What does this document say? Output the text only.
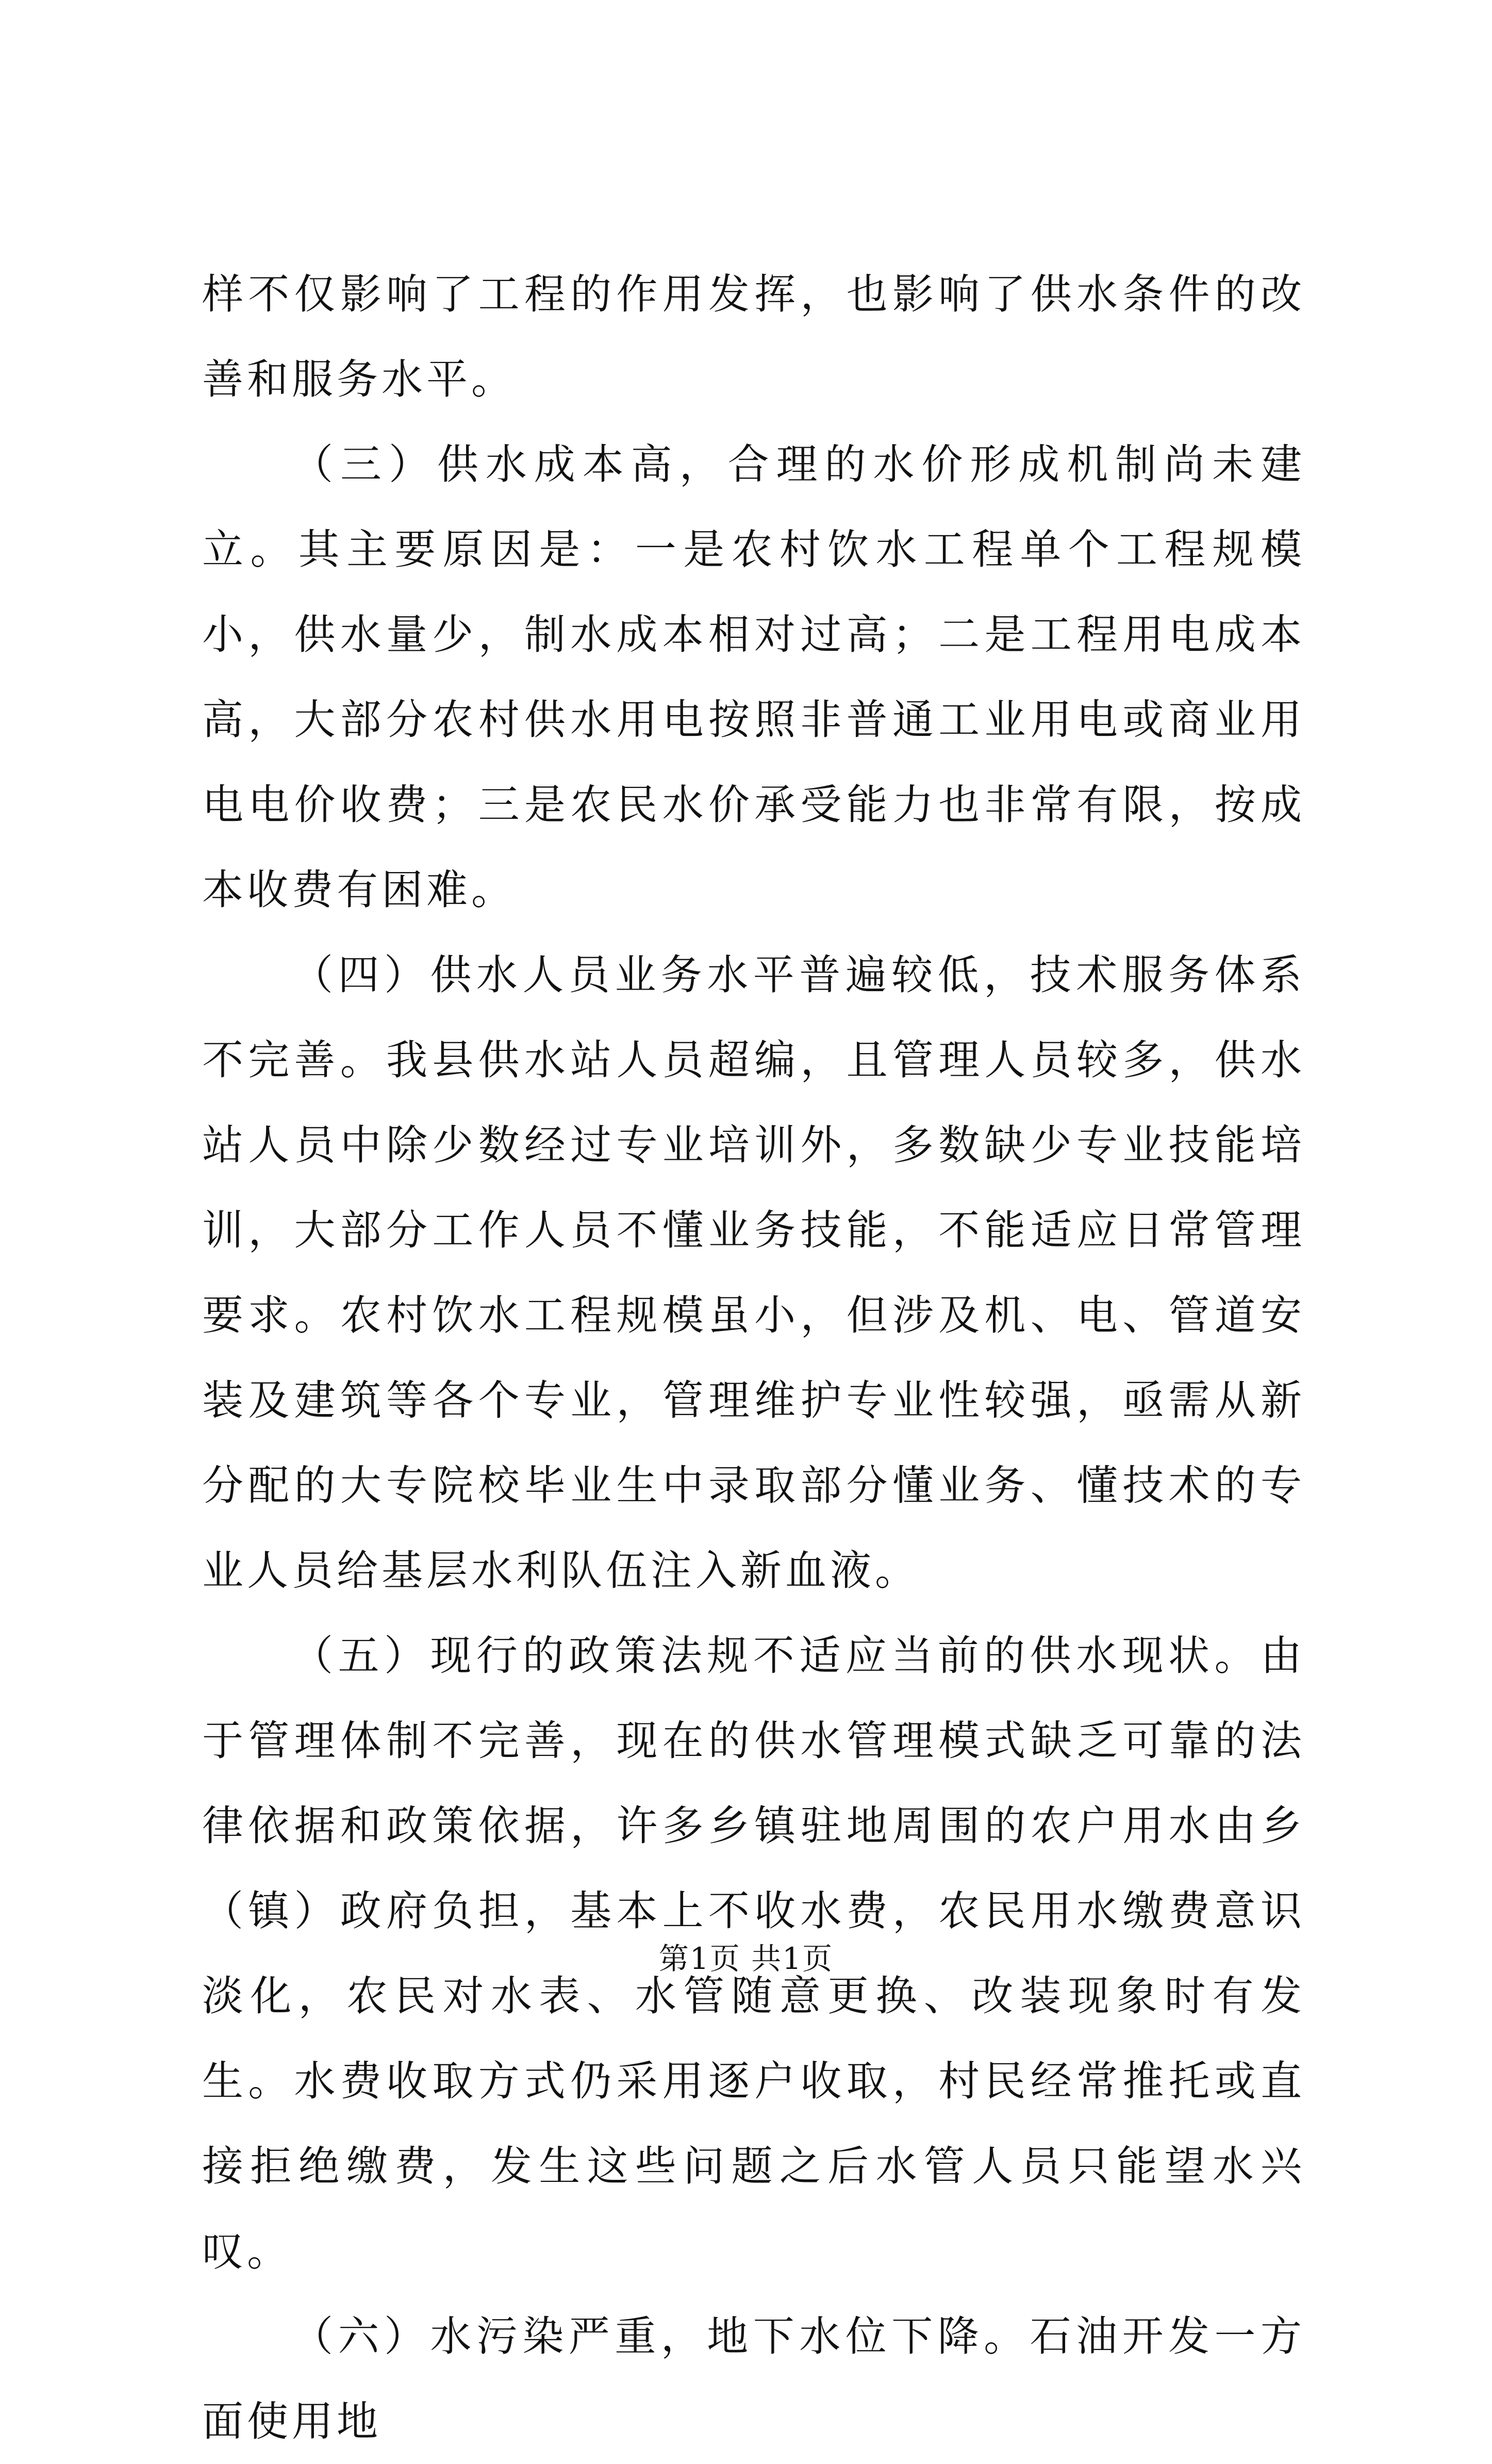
样不仅影响了工程的作用发挥，也影响了供水条件的改善和服务水平。

（三）供水成本高，合理的水价形成机制尚未建立。其主要原因是：一是农村饮水工程单个工程规模小，供水量少，制水成本相对过高；二是工程用电成本高，大部分农村供水用电按照非普通工业用电或商业用电电价收费；三是农民水价承受能力也非常有限，按成本收费有困难。

（四）供水人员业务水平普遍较低，技术服务体系不完善。我县供水站人员超编，且管理人员较多，供水站人员中除少数经过专业培训外，多数缺少专业技能培训，大部分工作人员不懂业务技能，不能适应日常管理要求。农村饮水工程规模虽小，但涉及机、电、管道安装及建筑等各个专业，管理维护专业性较强，亟需从新分配的大专院校毕业生中录取部分懂业务、懂技术的专业人员给基层水利队伍注入新血液。

（五）现行的政策法规不适应当前的供水现状。由于管理体制不完善，现在的供水管理模式缺乏可靠的法律依据和政策依据，许多乡镇驻地周围的农户用水由乡（镇）政府负担，基本上不收水费，农民用水缴费意识淡化，农民对水表、水管随意更换、改装现象时有发生。水费收取方式仍采用逐户收取，村民经常推托或直接拒绝缴费，发生这些问题之后水管人员只能望水兴叹。

（六）水污染严重，地下水位下降。石油开发一方面使用地

第1页 共1页
